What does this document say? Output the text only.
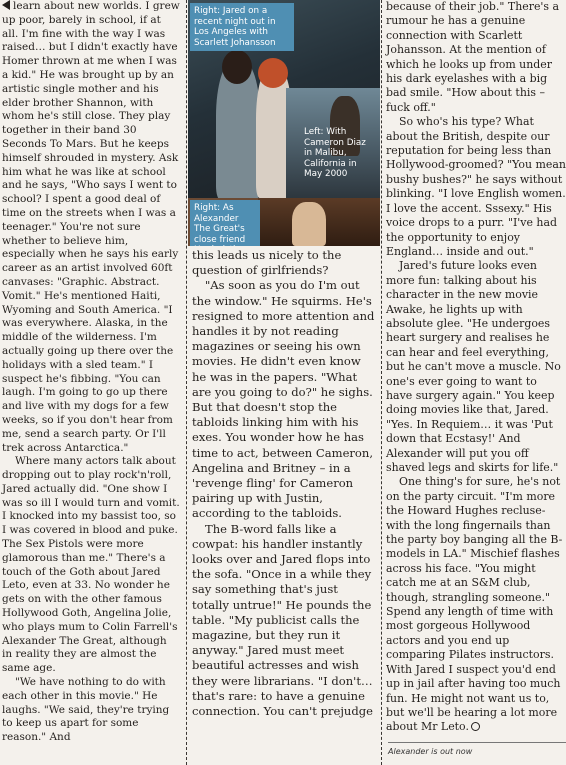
Right: Jared on a recent night out in Los Angeles with Scarlett Johansson
Left: With Cameron Diaz in Malibu, California in May 2000
Right: As Alexander The Great's close friend

learn about new worlds. I grew up poor, barely in school, if at all. I'm fine with the way I was raised… but I didn't exactly have Homer thrown at me when I was a kid." He was brought up by an artistic single mother and his elder brother Shannon, with whom he's still close. They play together in their band 30 Seconds To Mars. But he keeps himself shrouded in mystery. Ask him what he was like at school and he says, "Who says I went to school? I spent a good deal of time on the streets when I was a teenager." You're not sure whether to believe him, especially when he says his early career as an artist involved 60ft canvases: "Graphic. Abstract. Vomit." He's mentioned Haiti, Wyoming and South America. "I was everywhere. Alaska, in the middle of the wilderness. I'm actually going up there over the holidays with a sled team." I suspect he's fibbing. "You can laugh. I'm going to go up there and live with my dogs for a few weeks, so if you don't hear from me, send a search party. Or I'll trek across Antarctica."

Where many actors talk about dropping out to play rock'n'roll, Jared actually did. "One show I was so ill I would turn and vomit. I knocked into my bassist too, so I was covered in blood and puke. The Sex Pistols were more glamorous than me." There's a touch of the Goth about Jared Leto, even at 33. No wonder he gets on with the other famous Hollywood Goth, Angelina Jolie, who plays mum to Colin Farrell's Alexander The Great, although in reality they are almost the same age.

"We have nothing to do with each other in this movie." He laughs. "We said, they're trying to keep us apart for some reason." And

this leads us nicely to the question of girlfriends?

"As soon as you do I'm out the window." He squirms. He's resigned to more attention and handles it by not reading magazines or seeing his own movies. He didn't even know he was in the papers. "What are you going to do?" he sighs. But that doesn't stop the tabloids linking him with his exes. You wonder how he has time to act, between Cameron, Angelina and Britney – in a 'revenge fling' for Cameron pairing up with Justin, according to the tabloids.

The B-word falls like a cowpat: his handler instantly looks over and Jared flops into the sofa. "Once in a while they say something that's just totally untrue!" He pounds the table. "My publicist calls the magazine, but they run it anyway." Jared must meet beautiful actresses and wish they were librarians. "I don't… that's rare: to have a genuine connection. You can't prejudge

because of their job." There's a rumour he has a genuine connection with Scarlett Johansson. At the mention of which he looks up from under his dark eyelashes with a big bad smile. "How about this – fuck off."

So who's his type? What about the British, despite our reputation for being less than Hollywood-groomed? "You mean bushy bushes?" he says without blinking. "I love English women. I love the accent. Sssexy." His voice drops to a purr. "I've had the opportunity to enjoy England… inside and out."

Jared's future looks even more fun: talking about his character in the new movie Awake, he lights up with absolute glee. "He undergoes heart surgery and realises he can hear and feel everything, but he can't move a muscle. No one's ever going to want to have surgery again." You keep doing movies like that, Jared. "Yes. In Requiem… it was 'Put down that Ecstasy!' And Alexander will put you off shaved legs and skirts for life."

One thing's for sure, he's not on the party circuit. "I'm more the Howard Hughes recluse-with the long fingernails than the party boy banging all the B-models in LA." Mischief flashes across his face. "You might catch me at an S&M club, though, strangling someone." Spend any length of time with most gorgeous Hollywood actors and you end up comparing Pilates instructors. With Jared I suspect you'd end up in jail after having too much fun. He might not want us to, but we'll be hearing a lot more about Mr Leto.

Alexander is out now
